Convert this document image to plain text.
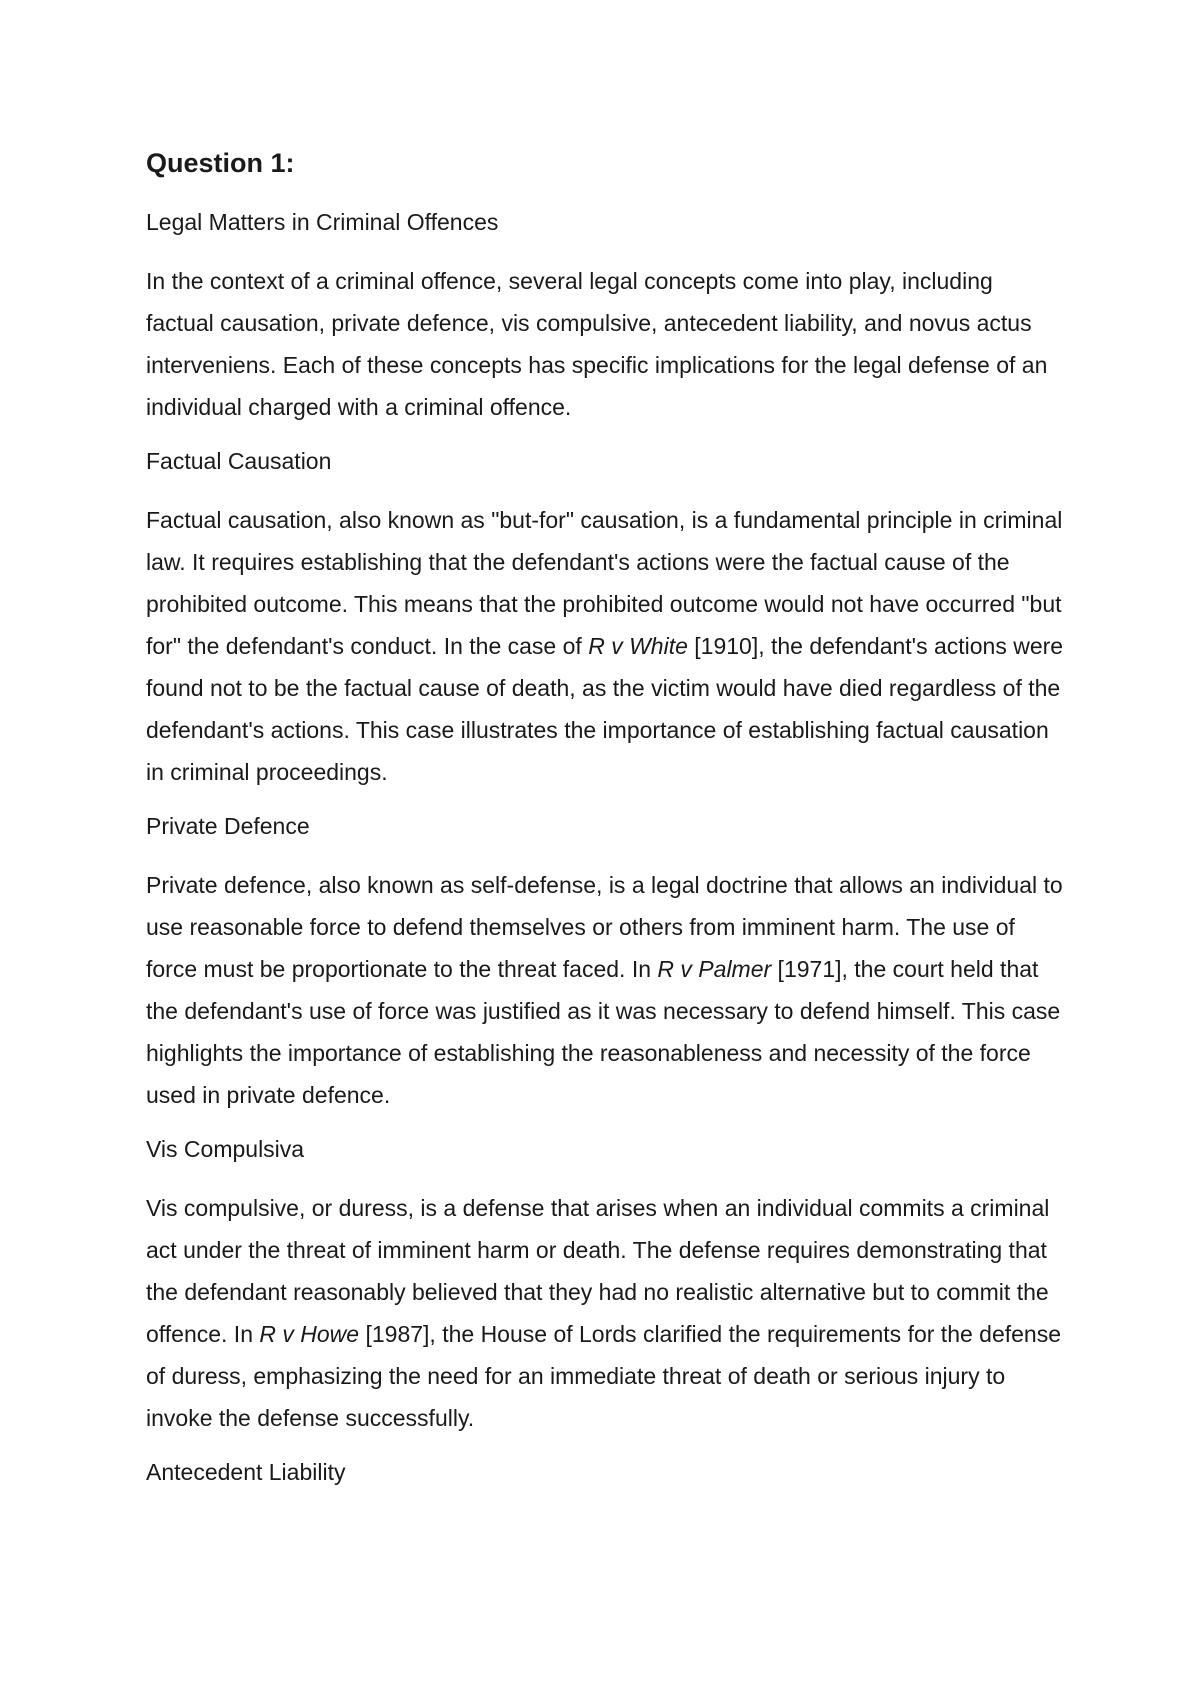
Question 1:

Legal Matters in Criminal Offences

In the context of a criminal offence, several legal concepts come into play, including factual causation, private defence, vis compulsive, antecedent liability, and novus actus interveniens. Each of these concepts has specific implications for the legal defense of an individual charged with a criminal offence.

Factual Causation

Factual causation, also known as "but-for" causation, is a fundamental principle in criminal law. It requires establishing that the defendant's actions were the factual cause of the prohibited outcome. This means that the prohibited outcome would not have occurred "but for" the defendant's conduct. In the case of R v White [1910], the defendant's actions were found not to be the factual cause of death, as the victim would have died regardless of the defendant's actions. This case illustrates the importance of establishing factual causation in criminal proceedings.

Private Defence

Private defence, also known as self-defense, is a legal doctrine that allows an individual to use reasonable force to defend themselves or others from imminent harm. The use of force must be proportionate to the threat faced. In R v Palmer [1971], the court held that the defendant's use of force was justified as it was necessary to defend himself. This case highlights the importance of establishing the reasonableness and necessity of the force used in private defence.

Vis Compulsiva

Vis compulsive, or duress, is a defense that arises when an individual commits a criminal act under the threat of imminent harm or death. The defense requires demonstrating that the defendant reasonably believed that they had no realistic alternative but to commit the offence. In R v Howe [1987], the House of Lords clarified the requirements for the defense of duress, emphasizing the need for an immediate threat of death or serious injury to invoke the defense successfully.

Antecedent Liability
